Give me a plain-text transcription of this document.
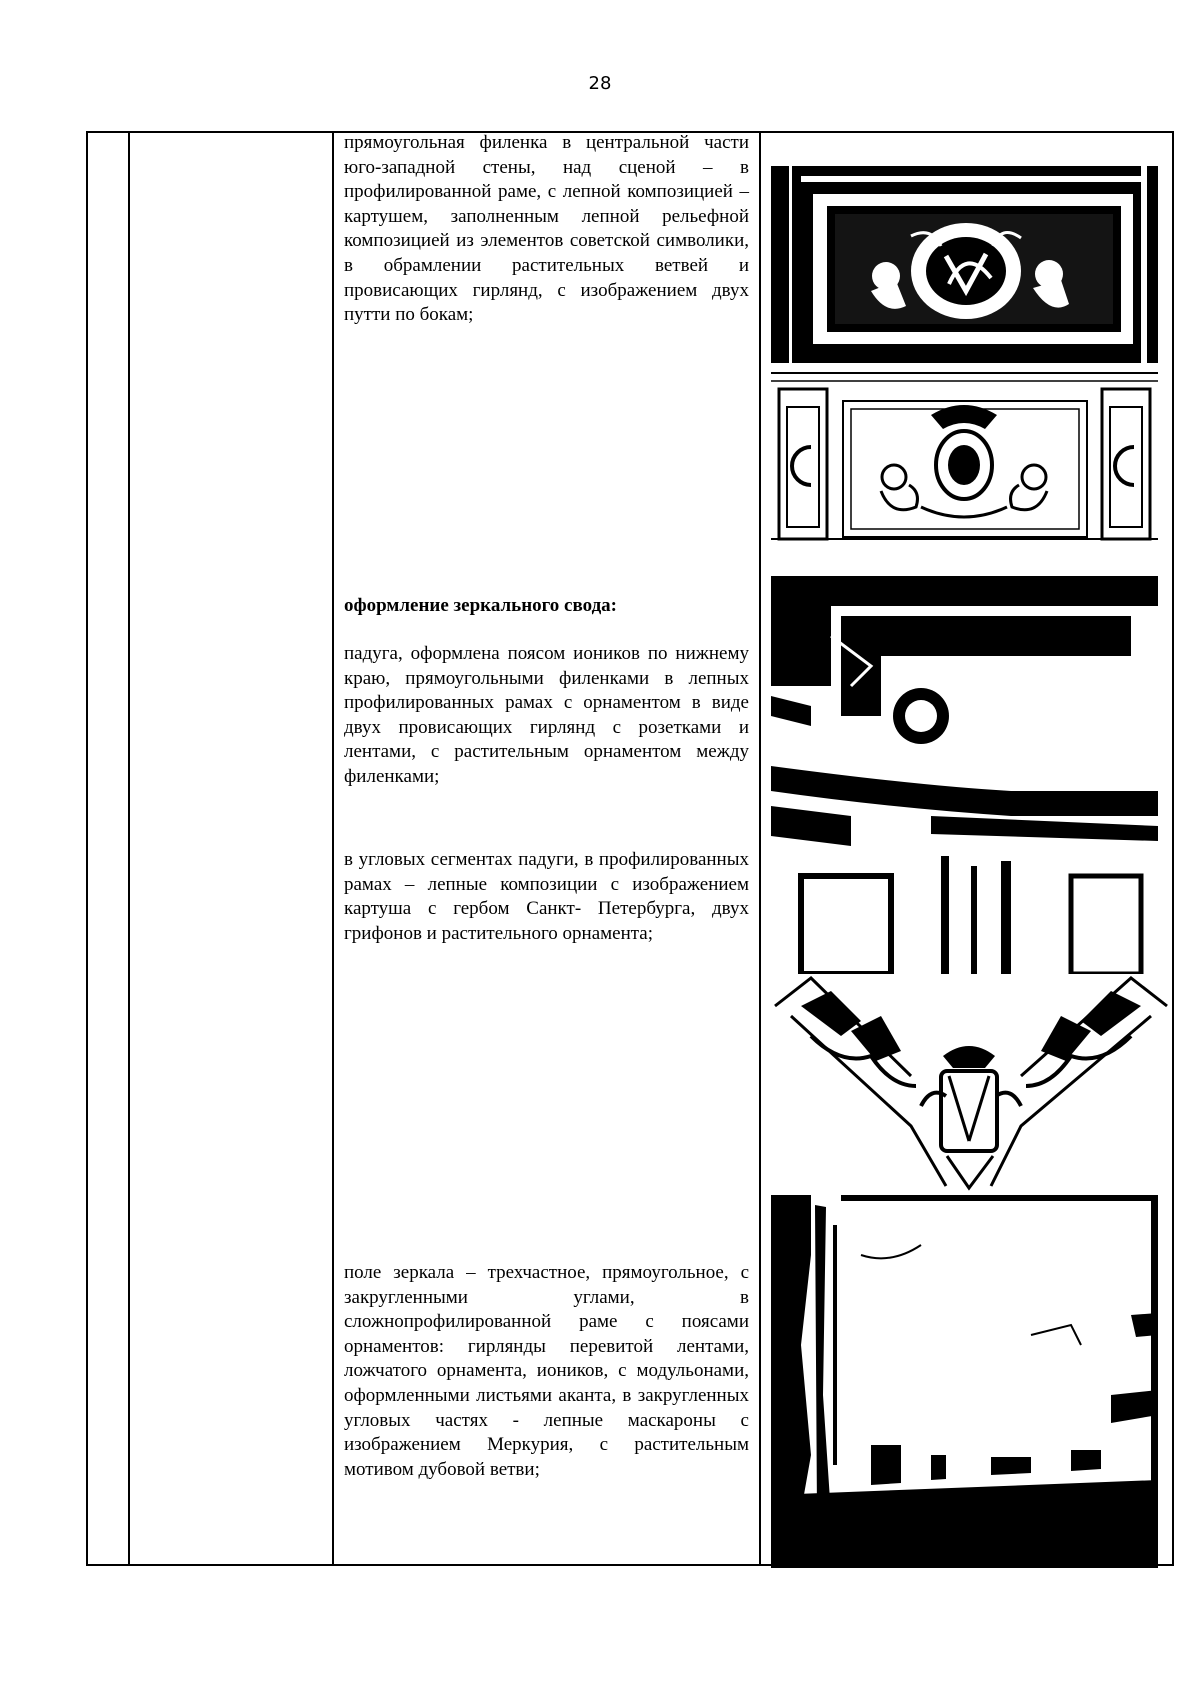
28

прямоугольная филенка в центральной части юго-западной стены, над сценой – в профилированной раме, с лепной композицией – картушем, заполненным лепной рельефной композицией из элементов советской символики, в обрамлении растительных ветвей и провисающих гирлянд, с изображением двух путти по бокам;
оформление зеркального свода:
падуга, оформлена поясом иоников по нижнему краю, прямоугольными филенками в лепных профилированных рамах с орнаментом в виде двух провисающих гирлянд с розетками и лентами, с растительным орнаментом между филенками;
в угловых сегментах падуги, в профилированных рамах – лепные композиции с изображением картуша с гербом Санкт- Петербурга, двух грифонов и растительного орнамента;
поле зеркала – трехчастное, прямоугольное, с закругленными углами, в сложнопрофилированной раме с поясами орнаментов: гирлянды перевитой лентами, ложчатого орнамента, иоников, с модульонами, оформленными листьями аканта, в закругленных угловых частях - лепные маскароны с изображением Меркурия, с растительным мотивом дубовой ветви;
